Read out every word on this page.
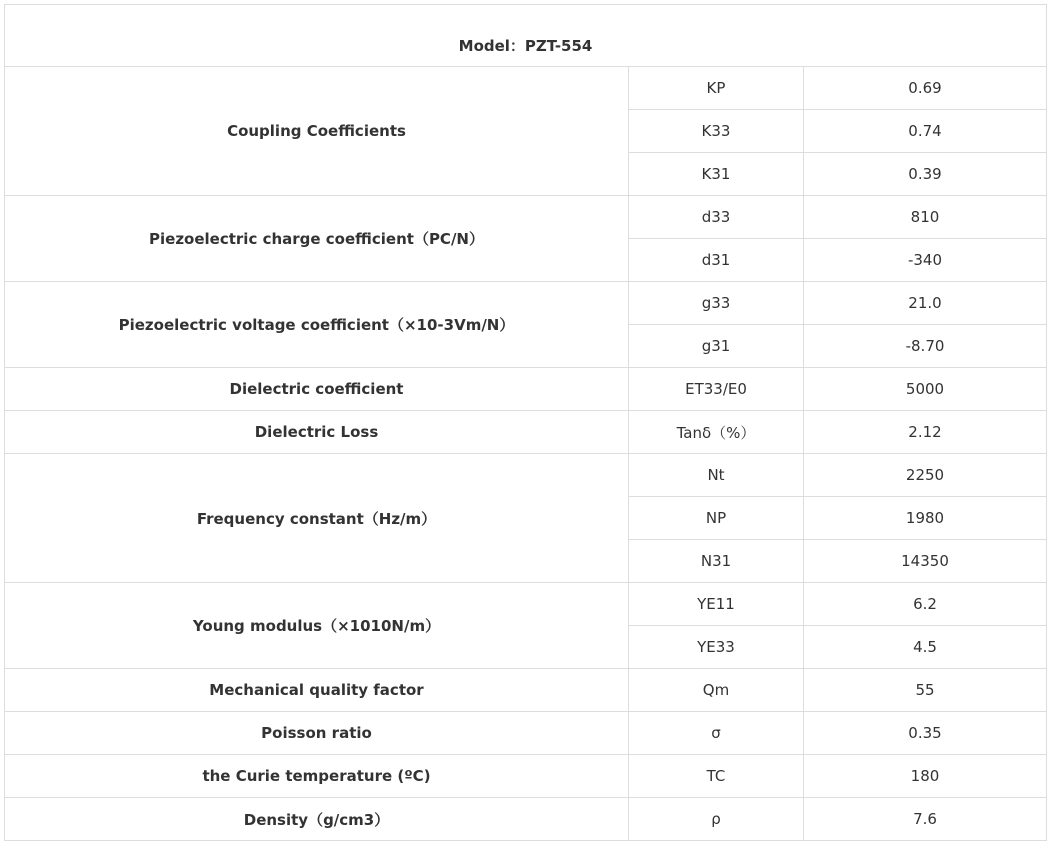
Model：PZT-554		
Coupling Coefficients	KP	0.69
	K33	0.74
	K31	0.39
Piezoelectric charge coefficient（PC/N）	d33	810
	d31	-340
Piezoelectric voltage coefficient（×10-3Vm/N）	g33	21.0
	g31	-8.70
Dielectric coefficient	ET33/E0	5000
Dielectric Loss	Tanδ（%）	2.12
Frequency constant（Hz/m）	Nt	2250
	NP	1980
	N31	14350
Young modulus（×1010N/m）	YE11	6.2
	YE33	4.5
Mechanical quality factor	Qm	55
Poisson ratio	σ	0.35
the Curie temperature (ºC)	TC	180
Density（g/cm3）	ρ	7.6
